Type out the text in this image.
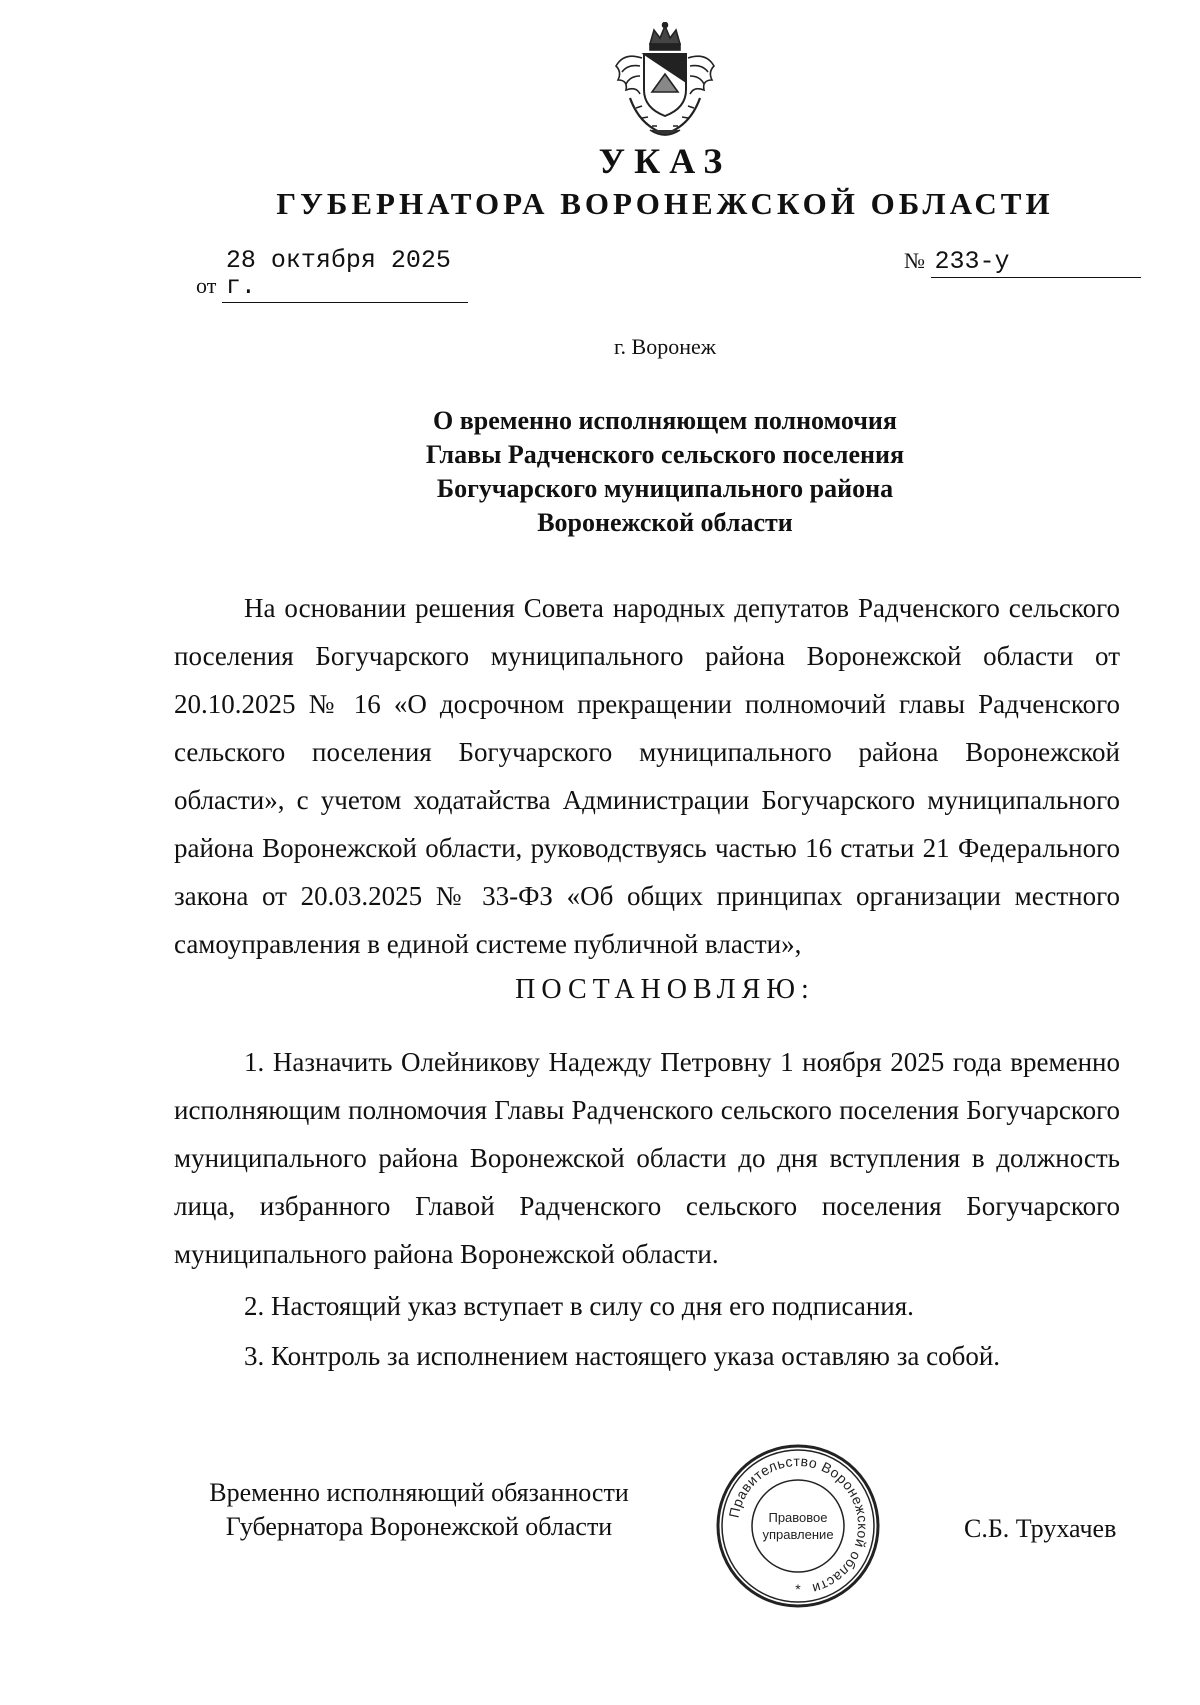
УКАЗ
ГУБЕРНАТОРА ВОРОНЕЖСКОЙ ОБЛАСТИ
от 28 октября 2025 г.
№ 233-у
г. Воронеж
О временно исполняющем полномочия
Главы Радченского сельского поселения
Богучарского муниципального района
Воронежской области

На основании решения Совета народных депутатов Радченского сельского поселения Богучарского муниципального района Воронежской области от 20.10.2025 № 16 «О досрочном прекращении полномочий главы Радченского сельского поселения Богучарского муниципального района Воронежской области», с учетом ходатайства Администрации Богучарского муниципального района Воронежской области, руководствуясь частью 16 статьи 21 Федерального закона от 20.03.2025 № 33-ФЗ «Об общих принципах организации местного самоуправления в единой системе публичной власти»,

ПОСТАНОВЛЯЮ:

1. Назначить Олейникову Надежду Петровну 1 ноября 2025 года временно исполняющим полномочия Главы Радченского сельского поселения Богучарского муниципального района Воронежской области до дня вступления в должность лица, избранного Главой Радченского сельского поселения Богучарского муниципального района Воронежской области.

2. Настоящий указ вступает в силу со дня его подписания.

3. Контроль за исполнением настоящего указа оставляю за собой.

Временно исполняющий обязанности
Губернатора Воронежской области	Правительство Воронежской области
Правовое
управление
*
С.Б. Трухачев
